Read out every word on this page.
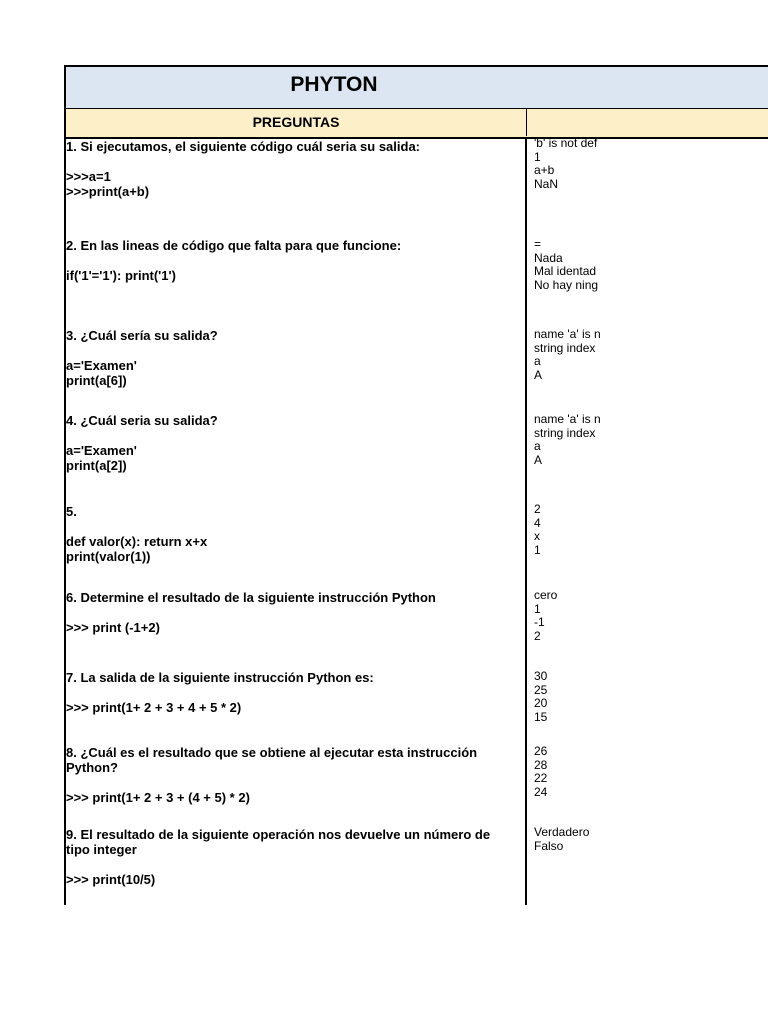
PHYTON
PREGUNTAS
1. Si ejecutamos, el siguiente código cuál seria su salida:

>>>a=1
>>>print(a+b)
'b' is not def
1
a+b
NaN
2. En las lineas de código que falta para que funcione:

if('1'='1'): print('1')
=
Nada
Mal identad
No hay ning
3. ¿Cuál sería su salida?

a='Examen'
print(a[6])
name 'a' is n
string index
a
A
4. ¿Cuál seria su salida?

a='Examen'
print(a[2])
name 'a' is n
string index
a
A
5.

def valor(x): return x+x
print(valor(1))
2
4
x
1
6. Determine el resultado de la siguiente instrucción Python

>>> print (-1+2)
cero
1
-1
2
7. La salida de la siguiente instrucción Python es:

>>> print(1+ 2 + 3 + 4 + 5 * 2)
30
25
20
15
8. ¿Cuál es el resultado que se obtiene al ejecutar esta instrucción
Python?

>>> print(1+ 2 + 3 + (4 + 5) * 2)
26
28
22
24
9. El resultado de la siguiente operación nos devuelve un número de
tipo integer

>>> print(10/5)
Verdadero
Falso
